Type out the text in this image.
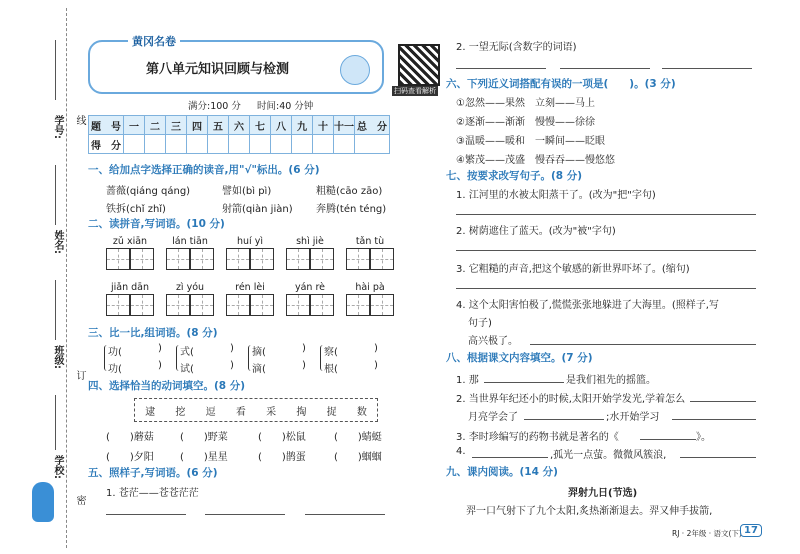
学号:
姓名:
班级:
学校:
线
订
密
黄冈名卷
第八单元知识回顾与检测
扫码查看解析
满分:100 分 时间:40 分钟
题　号	一	二	三	四	五	六	七	八	九	十	十一	总　分
得　分												
一、给加点字选择正确的读音,用"√"标出。(6 分)
蔷薇(qiáng qáng)	譬如(bì pì)	粗糙(cāo zāo)
铁拆(chǐ zhǐ)	射箭(qiàn jiàn) 奔腾(tén téng)
二、读拼音,写词语。(10 分)
zǔ xiān	lán tiān	huí yì	shì jiè	tǎn tù
jiǎn dān	zì yóu	rén lèi	yán rè	hài pà
三、比一比,组词语。(8 分)
功(	) 式(	) 摘(	) 察(	)
功(	) 试(	) 滴(	) 根(	)
四、选择恰当的动词填空。(8 分)
逮 挖 逗 看 采 掏 捉 数
(　　)蘑菇	(　　)野菜	(　　)松鼠	(　　)蜻蜓
(　　)夕阳	(　　)星星	(　　)鹊蛋	(　　)蝈蝈
五、照样子,写词语。(6 分)
1. 苍茫——苍苍茫茫
2. 一望无际(含数字的词语)
六、下列近义词搭配有误的一项是(　　)。(3 分)
①忽然——果然　立刻——马上
②逐渐——渐渐　慢慢——徐徐
③温暖——暖和　一瞬间——眨眼
④繁茂——茂盛　慢吞吞——慢悠悠
七、按要求改写句子。(8 分)
1. 江河里的水被太阳蒸干了。(改为"把"字句)
2. 树荫遮住了蓝天。(改为"被"字句)
3. 它粗糙的声音,把这个敏感的新世界吓坏了。(缩句)
4. 这个太阳害怕极了,慌慌张张地躲进了大海里。(照样子,写
句子)
高兴极了。
八、根据课文内容填空。(7 分)
1. 那	是我们祖先的摇篮。
2. 当世界年纪还小的时候,太阳开始学发光,学着怎么
月亮学会了	;水开始学习
3. 李时珍编写的药物书就是著名的《	》。
4.	,孤光一点萤。微微风簇浪,
九、课内阅读。(14 分)
羿射九日(节选)
羿一口气射下了九个太阳,炙热渐渐退去。羿又伸手拔箭,
RJ · 2年级 · 语文(下) 17
